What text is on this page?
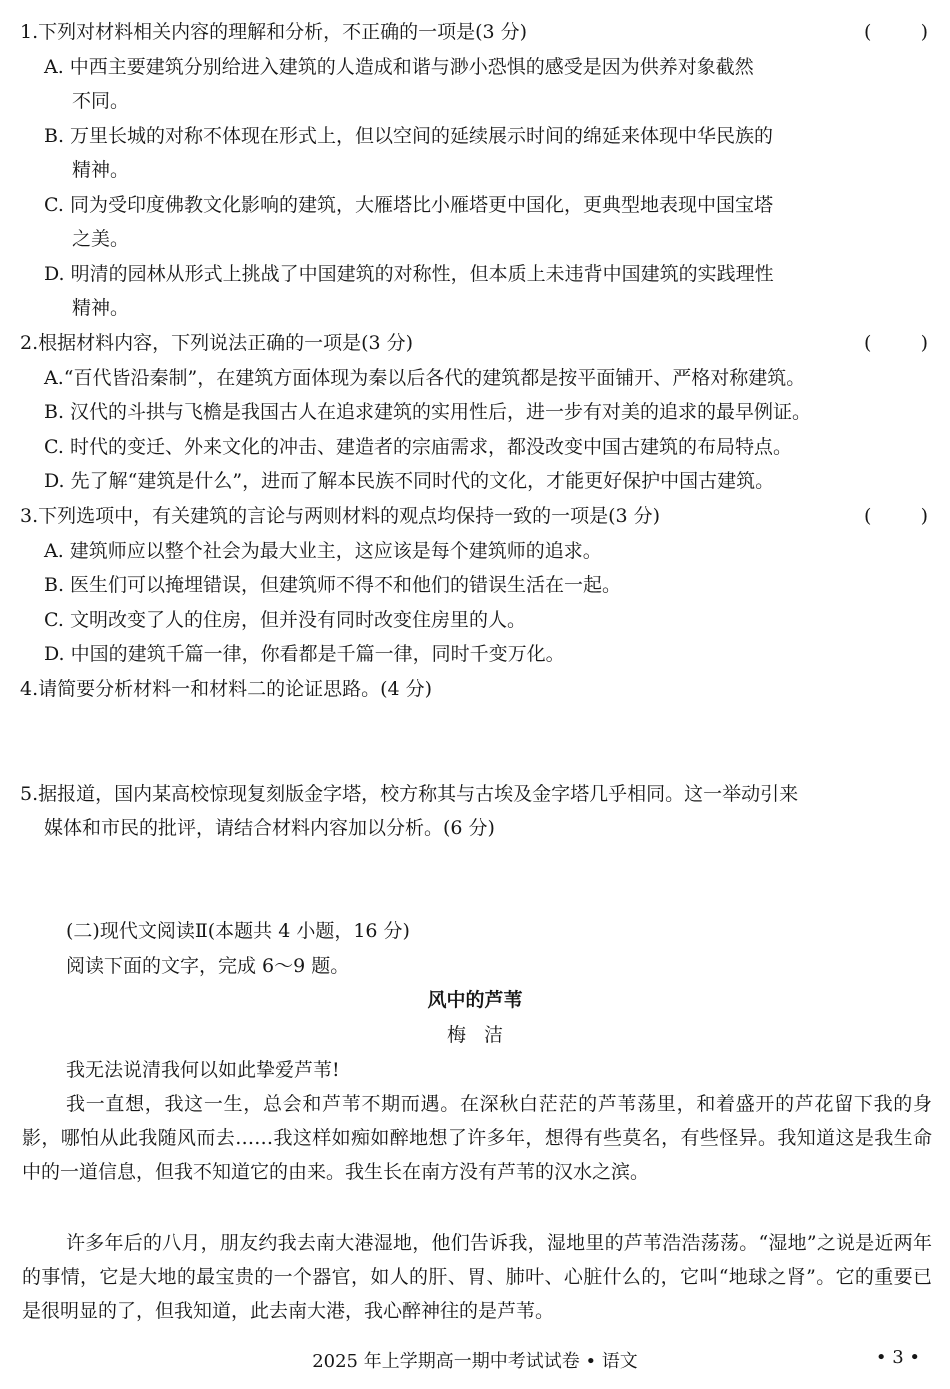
1.下列对材料相关内容的理解和分析，不正确的一项是(3 分)	(	)
A. 中西主要建筑分别给进入建筑的人造成和谐与渺小恐惧的感受是因为供养对象截然
不同。
B. 万里长城的对称不体现在形式上，但以空间的延续展示时间的绵延来体现中华民族的
精神。
C. 同为受印度佛教文化影响的建筑，大雁塔比小雁塔更中国化，更典型地表现中国宝塔
之美。
D. 明清的园林从形式上挑战了中国建筑的对称性，但本质上未违背中国建筑的实践理性
精神。
2.根据材料内容，下列说法正确的一项是(3 分)	(	)
A.“百代皆沿秦制”，在建筑方面体现为秦以后各代的建筑都是按平面铺开、严格对称建筑。
B. 汉代的斗拱与飞檐是我国古人在追求建筑的实用性后，进一步有对美的追求的最早例证。
C. 时代的变迁、外来文化的冲击、建造者的宗庙需求，都没改变中国古建筑的布局特点。
D. 先了解“建筑是什么”，进而了解本民族不同时代的文化，才能更好保护中国古建筑。
3.下列选项中，有关建筑的言论与两则材料的观点均保持一致的一项是(3 分)	(	)
A. 建筑师应以整个社会为最大业主，这应该是每个建筑师的追求。
B. 医生们可以掩埋错误，但建筑师不得不和他们的错误生活在一起。
C. 文明改变了人的住房，但并没有同时改变住房里的人。
D. 中国的建筑千篇一律，你看都是千篇一律，同时千变万化。
4.请简要分析材料一和材料二的论证思路。(4 分)
5.据报道，国内某高校惊现复刻版金字塔，校方称其与古埃及金字塔几乎相同。这一举动引来
媒体和市民的批评，请结合材料内容加以分析。(6 分)
(二)现代文阅读Ⅱ(本题共 4 小题，16 分)
阅读下面的文字，完成 6～9 题。
风中的芦苇
梅洁
我无法说清我何以如此挚爱芦苇!
我一直想，我这一生，总会和芦苇不期而遇。在深秋白茫茫的芦苇荡里，和着盛开的芦花留下我的身影，哪怕从此我随风而去……我这样如痴如醉地想了许多年，想得有些莫名，有些怪异。我知道这是我生命中的一道信息，但我不知道它的由来。我生长在南方没有芦苇的汉水之滨。
许多年后的八月，朋友约我去南大港湿地，他们告诉我，湿地里的芦苇浩浩荡荡。“湿地”之说是近两年的事情，它是大地的最宝贵的一个器官，如人的肝、胃、肺叶、心脏什么的，它叫“地球之肾”。它的重要已是很明显的了，但我知道，此去南大港，我心醉神往的是芦苇。
2025 年上学期高一期中考试试卷 • 语文	• 3 •
